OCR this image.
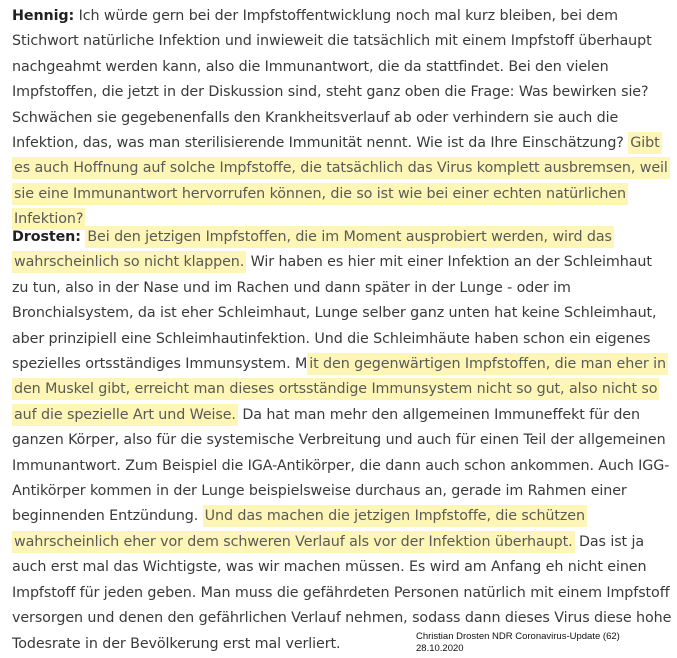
Hennig: Ich würde gern bei der Impfstoffentwicklung noch mal kurz bleiben, bei dem Stichwort natürliche Infektion und inwieweit die tatsächlich mit einem Impfstoff überhaupt nachgeahmt werden kann, also die Immunantwort, die da stattfindet. Bei den vielen Impfstoffen, die jetzt in der Diskussion sind, steht ganz oben die Frage: Was bewirken sie? Schwächen sie gegebenenfalls den Krankheitsverlauf ab oder verhindern sie auch die Infektion, das, was man sterilisierende Immunität nennt. Wie ist da Ihre Einschätzung? Gibt es auch Hoffnung auf solche Impfstoffe, die tatsächlich das Virus komplett ausbremsen, weil sie eine Immunantwort hervorrufen können, die so ist wie bei einer echten natürlichen Infektion?

Drosten: Bei den jetzigen Impfstoffen, die im Moment ausprobiert werden, wird das wahrscheinlich so nicht klappen. Wir haben es hier mit einer Infektion an der Schleimhaut zu tun, also in der Nase und im Rachen und dann später in der Lunge - oder im Bronchialsystem, da ist eher Schleimhaut, Lunge selber ganz unten hat keine Schleimhaut, aber prinzipiell eine Schleimhautinfektion. Und die Schleimhäute haben schon ein eigenes spezielles ortsständiges Immunsystem. M it den gegenwärtigen Impfstoffen, die man eher in den Muskel gibt, erreicht man dieses ortsständige Immunsystem nicht so gut, also nicht so auf die spezielle Art und Weise. Da hat man mehr den allgemeinen Immuneffekt für den ganzen Körper, also für die systemische Verbreitung und auch für einen Teil der allgemeinen Immunantwort. Zum Beispiel die IGA-Antikörper, die dann auch schon ankommen. Auch IGG-Antikörper kommen in der Lunge beispielsweise durchaus an, gerade im Rahmen einer beginnenden Entzündung. Und das machen die jetzigen Impfstoffe, die schützen wahrscheinlich eher vor dem schweren Verlauf als vor der Infektion überhaupt. Das ist ja auch erst mal das Wichtigste, was wir machen müssen. Es wird am Anfang eh nicht einen Impfstoff für jeden geben. Man muss die gefährdeten Personen natürlich mit einem Impfstoff versorgen und denen den gefährlichen Verlauf nehmen, sodass dann dieses Virus diese hohe Todesrate in der Bevölkerung erst mal verliert.	Christian Drosten NDR Coronavirus-Update (62)
28.10.2020
